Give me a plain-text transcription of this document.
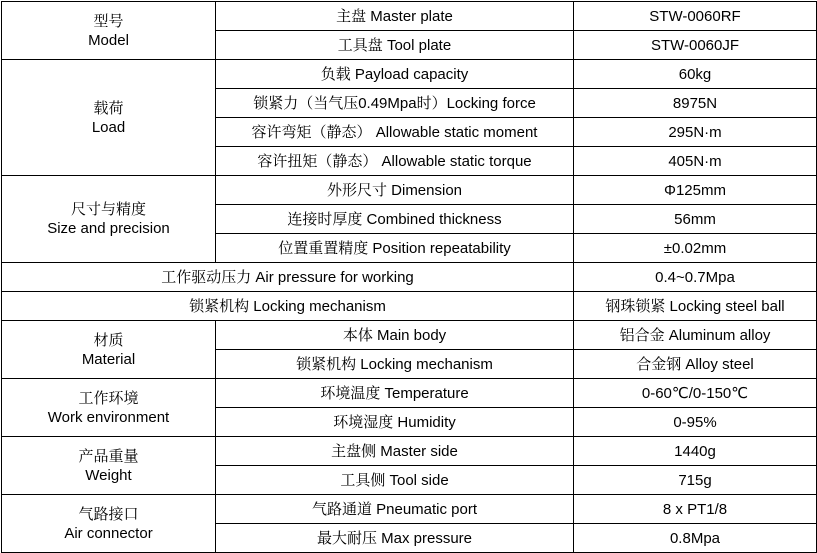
型号
Model	主盘 Master plate	STW-0060RF
	工具盘 Tool plate	STW-0060JF

载荷
Load	负载 Payload capacity	60kg
	锁紧力（当气压0.49Mpa时）Locking force	8975N
	容许弯矩（静态） Allowable static moment	295N·m
	容许扭矩（静态） Allowable static torque	405N·m

尺寸与精度
Size and precision	外形尺寸 Dimension	Φ125mm
	连接时厚度 Combined thickness	56mm
	位置重置精度 Position repeatability	±0.02mm
工作驱动压力 Air pressure for working		0.4~0.7Mpa
锁紧机构 Locking mechanism		钢珠锁紧 Locking steel ball

材质
Material	本体 Main body	铝合金 Aluminum alloy
	锁紧机构 Locking mechanism	合金钢 Alloy steel

工作环境
Work environment	环境温度 Temperature	0-60℃/0-150℃
	环境湿度 Humidity	0-95%

产品重量
Weight	主盘侧 Master side	1440g
	工具侧 Tool side	715g

气路接口
Air connector	气路通道 Pneumatic port	8 x PT1/8
	最大耐压 Max pressure	0.8Mpa
